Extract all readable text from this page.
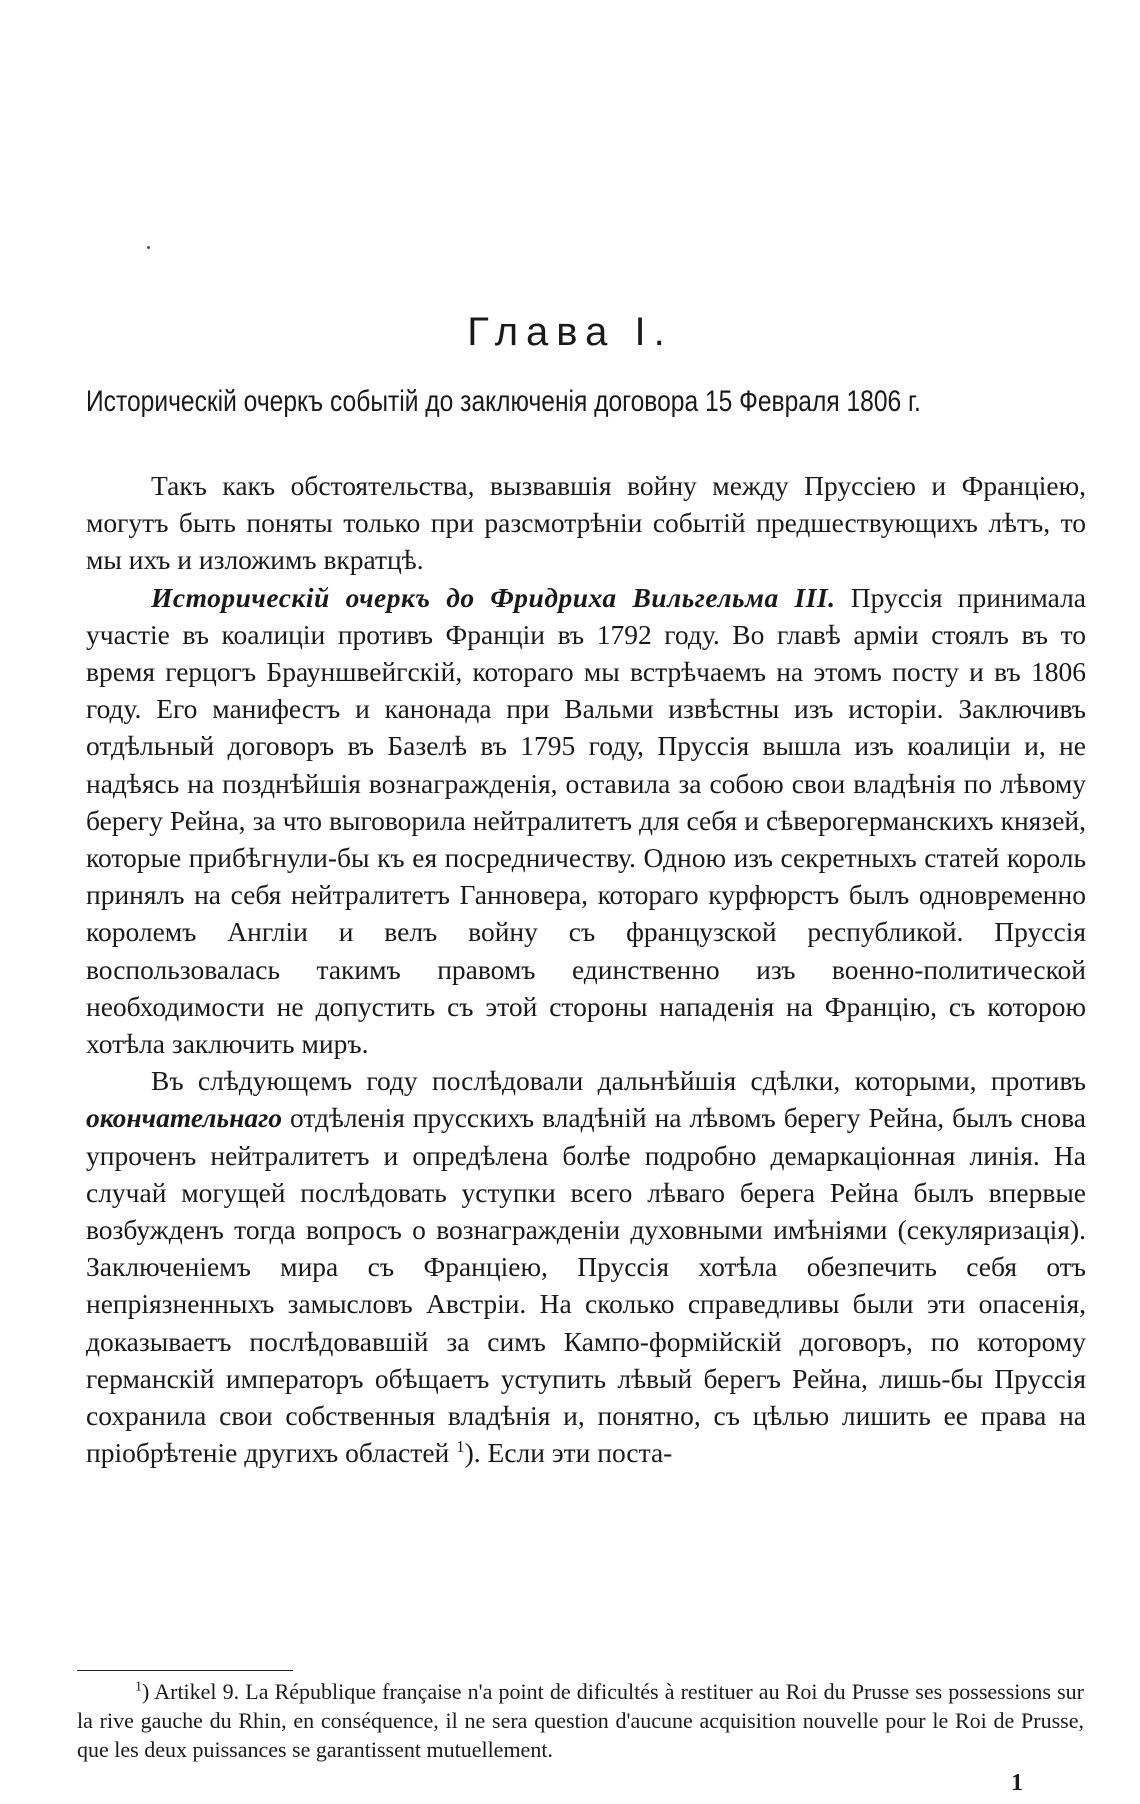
Глава I.
Историческій очеркъ событій до заключенія договора 15 Февраля 1806 г.

Такъ какъ обстоятельства, вызвавшія войну между Пруссіею и Франціею, могутъ быть поняты только при разсмотрѣніи событій предшествующихъ лѣтъ, то мы ихъ и изложимъ вкратцѣ.

Историческій очеркъ до Фридриха Вильгельма III. Пруссія принимала участіе въ коалиціи противъ Франціи въ 1792 году. Во главѣ арміи стоялъ въ то время герцогъ Брауншвейгскій, котораго мы встрѣчаемъ на этомъ посту и въ 1806 году. Его манифестъ и канонада при Вальми извѣстны изъ исторіи. Заключивъ отдѣльный договоръ въ Базелѣ въ 1795 году, Пруссія вышла изъ коалиціи и, не надѣясь на позднѣйшія вознагражденія, оставила за собою свои владѣнія по лѣвому берегу Рейна, за что выговорила нейтралитетъ для себя и сѣверогерманскихъ князей, которые прибѣгнули-бы къ ея посредничеству. Одною изъ секретныхъ статей король принялъ на себя нейтралитетъ Ганновера, котораго курфюрстъ былъ одновременно королемъ Англіи и велъ войну съ французской республикой. Пруссія воспользовалась такимъ правомъ единственно изъ военно-политической необходимости не допустить съ этой стороны нападенія на Францію, съ которою хотѣла заключить миръ.

Въ слѣдующемъ году послѣдовали дальнѣйшія сдѣлки, которыми, противъ окончательнаго отдѣленія прусскихъ владѣній на лѣвомъ берегу Рейна, былъ снова упроченъ нейтралитетъ и опредѣлена болѣе подробно демаркаціонная линія. На случай могущей послѣдовать уступки всего лѣваго берега Рейна былъ впервые возбужденъ тогда вопросъ о вознагражденіи духовными имѣніями (секуляризація). Заключеніемъ мира съ Франціею, Пруссія хотѣла обезпечить себя отъ непріязненныхъ замысловъ Австріи. На сколько справедливы были эти опасенія, доказываетъ послѣдовавшій за симъ Кампо-формійскій договоръ, по которому германскій императоръ обѣщаетъ уступить лѣвый берегъ Рейна, лишь-бы Пруссія сохранила свои собственныя владѣнія и, понятно, съ цѣлью лишить ее права на пріобрѣтеніе другихъ областей $^1$). Если эти поста-

$^1$) Artikel 9. La République française n'a point de dificultés à restituer au Roi du Prusse ses possessions sur la rive gauche du Rhin, en conséquence, il ne sera question d'aucune acquisition nouvelle pour le Roi de Prusse, que les deux puissances se garantissent mutuellement.

1
